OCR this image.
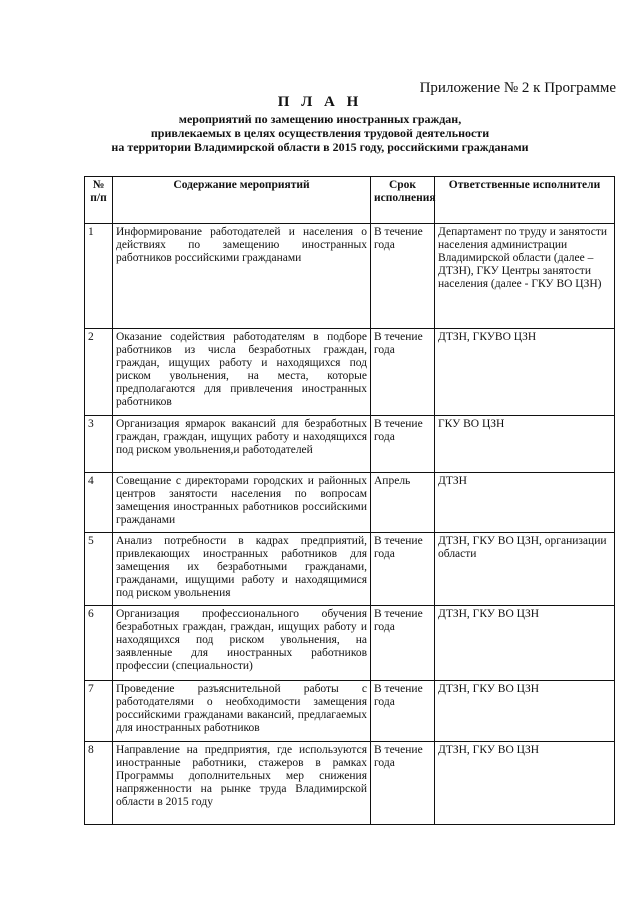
Приложение № 2 к Программе
П Л А Н
мероприятий по замещению иностранных граждан,
привлекаемых в целях осуществления трудовой деятельности
на территории Владимирской области в 2015 году, российскими гражданами
№ п/п	Содержание мероприятий	Срок исполнения	Ответственные исполнители
1	Информирование работодателей и населения о действиях по замещению иностранных работников российскими гражданами	В течение года	Департамент по труду и занятости населения администрации Владимирской области (далее – ДТЗН), ГКУ Центры занятости населения (далее - ГКУ ВО ЦЗН)
2	Оказание содействия работодателям в подборе работников из числа безработных граждан, граждан, ищущих работу и находящихся под риском увольнения, на места, которые предполагаются для привлечения иностранных работников	В течение года	ДТЗН, ГКУВО ЦЗН
3	Организация ярмарок вакансий для безработных граждан, граждан, ищущих работу и находящихся под риском увольнения,и работодателей	В течение года	ГКУ ВО ЦЗН
4	Совещание с директорами городских и районных центров занятости населения по вопросам замещения иностранных работников российскими гражданами	Апрель	ДТЗН
5	Анализ потребности в кадрах предприятий, привлекающих иностранных работников для замещения их безработными гражданами, гражданами, ищущими работу и находящимися под риском увольнения	В течение года	ДТЗН, ГКУ ВО ЦЗН, организации области
6	Организация профессионального обучения безработных граждан, граждан, ищущих работу и находящихся под риском увольнения, на заявленные для иностранных работников профессии (специальности)	В течение года	ДТЗН, ГКУ ВО ЦЗН
7	Проведение разъяснительной работы с работодателями о необходимости замещения российскими гражданами вакансий, предлагаемых для иностранных работников	В течение года	ДТЗН, ГКУ ВО ЦЗН
8	Направление на предприятия, где используются иностранные работники, стажеров в рамках Программы дополнительных мер снижения напряженности на рынке труда Владимирской области в 2015 году	В течение года	ДТЗН, ГКУ ВО ЦЗН
